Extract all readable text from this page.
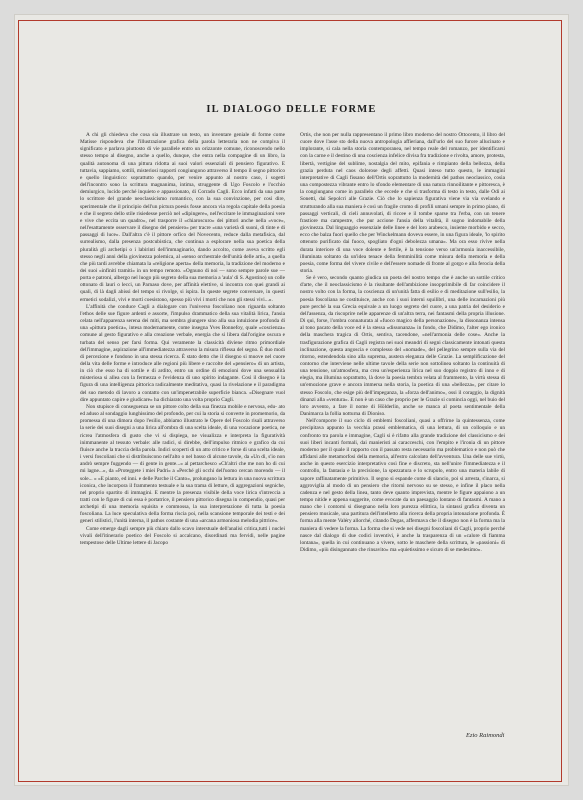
IL DIALOGO DELLE FORME

A chi gli chiedeva che cosa sia illustrare un testo, un inventare geniale di forme come Matisse rispondeva che l'illustrazione grafica della parola letteraria non ne compiva il significato e parlava piuttosto di vie parallele entro un orizzonte comune, riconoscendo nello stesso tempo al disegno, anche a quello, dunque, che entra nella compagine di un libro, la qualità autonoma di una pittura ridotta ai suoi valori essenziali di pensiero figurativo. E tuttavia, sappiamo, sottili, misteriosi rapporti congiungono attraverso il tempo il segno pittorico e quello linguistico: soprattutto quando, per venire appunto al nostro caso, i sogetti dell'incontro sono la scrittura magnanima, intima, struggente di Ugo Foscolo e l'occhio demiurgico, lucido perché inquieto e appassionato, di Corrado Cagli. Ecco infatti da una parte lo scrittore del grande neoclassicismo romantico, con la sua convinzione, per così dire, sperimentale che il principio dell'un pictura poesis fosse ancora via regola capitale della poesia e che il segreto dello stile risiedesse perciò nel «dipingere», nell'eccitare le immaginazioni vere e vive che eccita un quadro», nel trasporre il «chiaroscuro» dei pittori anche nella «voce», nell'esattamente osservare il disegno del pensiero» per tracre «una varietà di suoni, di tinte e di passaggi di luce». Dall'altra c'è il pittore orfico del Novecento, reduce dalla metafisica, dal surrealismo, dalla presenza postcubistica, che continua a esplorare nella sua poetica della pluralità gli archetipi o i labirinti dell'immaginario, dando accolto, come aveva scritto egli stesso negli anni della giovinezza polemica, al «senso orchestrale dell'unità delle arti», a quella che più tardi avrebbe chiamata la «religione aperta» della memoria, la tradizione del moderno e dei suoi «infiniti tramiti» in un tempo remoto. «Ognuno di noi — sono sempre parole sue — porta e patroni, albergo nel luogo più segreto della sua memoria a 'aula' di S. Agostino) un colle ottonato di lauri o lecci, un Parnaso dove, per affinità elettive, si incontra con quei grandi ai quali, di là dagli abissi del tempo si rivolge, si ispira. In queste segrete conversare, in questi ermetici sodalizi, vivi e morti coesistono, spesso più vivi i morti che non gli stessi vivi...».

L'affinità che conduce Cagli a dialogare con l'universo foscoliano non riguarda soltanto l'ethos delle sue figure ardenti e assorte, l'impulso drammatico della sua vitalità lirica, l'ansia celata nell'apparenza serena dei miti, ma sembra giungere sino alla sua intuizione profonda di una «pittura poetica», intesa modernamente, come insegna Yves Bonnefoy, quale «coscienza» comune al gesto figurativo e alla creazione verbale, energia che si libera dall'origine oscura e turbata del senso per farsi forma. Qui veramente la classicità diviene ritmo primordiale dell'immagine, aspirazione all'immediatezza attraverso la misura riflessa del segno. È duo modi di percezione e fondono in una stessa ricerca. È stato detto che il disegno si muove nel cuore della vita delle forme e introduce alle regioni più libere e raccolte del «pensiero» di un artista, in ciò che esso ha di sottile e di ardito, entro un ordine di emozioni dove una sensualità misteriosa si allea con la fermezza e l'evidenza di uno spirito indagante. Così il disegno è la figura di una intelligenza pittorica radicalmente meditativa, quasi la rivelazione e il paradigma del suo metodo di lavoro a contatto con un'impenetrabile superficie bianca. «Disegnare vuol dire appuntato capire e giudicare» ha dichiarato una volta proprio Cagli.

Non stupisce di conseguenza se un pittore colto della sua finezza mobile e nervosa, edu- ato ed aduso al sondaggio lunghissimo del profondo, per cui la storia si converte in promemorio, da promessa di una dimora dopo l'esilio, abbiamo illustrato le Opere del Foscolo risalì attraverso la serie dei suoi disegni a una lirica all'ombra di una scelta ideale, di una vocazione poetica, ne ricrea l'atmosfera di gusto che vi si dispiega, ne visualizza e interpreta la figuratività inimmanente al tessuto verbale: alle radici, si direbbe, dell'impulso ritmico e grafico da cui fluisce anche la traccia della parola. Indici scoperti di un atto critico e forse di una scelta ideale, i versi foscoliani che si distribuiscono nell'alto o nel basso di alcune tavole, da «Un dì, s'io non andrò sempre fuggendo — di gente in gente...» al pettarchesco «Ch'altri che me non ho di cui mi lagne...», da «Proteggete i miei Padri» a «Perché gli occhi dell'uomo cercan morendo — il sole... » «E pianto, ed inni. e delle Parche il Canto», prolungano la lettura in una nuova scrittura iconica, che incorpora il frammento testuale e la sua trama di letture, di aggregazioni segniche, nel proprio spartito di immagini. E mentre la presenza visibile della voce lirica s'intreccia a tratti con le figure di cui essa è portatrice, il pensiero pittorico disegna in compendio, quasi per archetipi di una memoria squisita e commossa, la sua interpretazione di tutta la poesia foscoliana. La luce speculativa della forma riscia poi, nella scansione temporale dei testi e dei generi stilistici, l'unità interna, il pathos costante di una «arcana armoniosa melodia pittrice».

Come emerge dagli sempre più chiaro dallo scavo interstuale dell'analisi critica,tutti i nuclei vivali dell'itinerario poetico del Foscolo si accalcano, disordinati ma fervidi, nelle pagine tempestose delle Ultime lettere di Jacopo

Ortis, che non per nulla rappresentano il primo libro moderno del nostro Ottocento, il libro del cuore dove l'asse sto della nuova antropologia affieriana, dall'urlo del suo furore allucinato e implorante, si cala nella storia contemporanea, nel tempo reale del romanzo, per identificarsi con la carne e il destino di una coscienza infelice divisa fra tradizione e rivolta, amore, protesta, libertà, vertigine del sublime, nostalgia del mito, epifania e rimpianto della bellezza, della grazia perduta nel caos dolorose degli affetti. Quasi inteso tutto questo, le immagini interpretative di Cagli fissano dell'Ortis soprattutto la modernità del pathos neoclassico, cosìa una compostezza vibrante entro lo sfondo elementare di una natura rinnoilitante e pittoresca, è la congiungano come in parallelo che eccede e che si trasforma di testo in testo, dalle Odi ai Sonetti, dai Sepolcri alle Grazie. Ciò che lo sapienza figurativa viene via via svelando e strutturando alla sua maniera è così un fragile cromo di profili umani sempre in primo piano, di passaggi verticali, di cieli annuvolati, di riccee e il tombe sparse tra l'erba, con un tenere frastiore ma campestre, che pur accione l'ansia della vitalità, il sogno indomabile della giovinezza. Dal linguaggio essenziale delle linee e del loro arabesco, insieme morbido e secco, ecco che balza fuori quello che per Winckelmann doveva essere, in una figura ideale, 'lo spirito ottenuto purificato dai fuoco, spogliato d'ogni debolezza umana». Ma ora esso rivive nella durata interiore di una voce dolente e fertile, è la tensione verso un'armonia inaccessibile, illuminata soltanto da un'idea tenace della femminilità come misura della memoria e della poesia, come forma del vivere civile e dell'essere nomade di fronte al gorgo e alla ferocia della storia.

Se è vero, secondo quanto giudica un poeta del nostro tempo che è anche un sottile critico d'arte, che il neoclassicismo è la risultante dell'ambizione insopprimibile di far coincidere il nostro volto con la forma, la coscienza di un'unità fatta di esilio e di meditazione sull'esilio, la poesia foscoliana ne costituisce, anche con i suoi interni squilibri, una delle incarnazioni più pure perché la sua Grecia equivale a un luogo segreto del cuore, a una patria del desiderio e dell'assenza, da riscoprire nelle apparenze di un'altra terra, nei fantasmi della propria illusione. Di qui, forse, l'ombra connaturata al «fuoco magico della personazione», la dissonanza intensa al tono pacato della voce ed è la stessa «dissonanza» in fondo, che Didimo, l'alter ego ironico della maschera tragica di Ortis, sentiva, tacendone, «nell'armonia delle cose». Anche la trasfigurazione grafica di Cagli registra nei suoi meandri di segni classicamente intonati questa inclinazione, questa angoscia e complesso del «nomade», del pellegrino sempre sulla via del ritorno, estendendola sino alla suprema, austera eleganza delle Grazie. La semplificazione del contorno che interviene nelle ultime tavole della serie non sottolinea soltanto la continuità di una tensione, un'atmosfera, ma crea un'esperienza lirica nel suo doppio registro di inno e di elegia, ma illumina soprattutto, là dove la poesia tembra velata al frammento, la virtù stessa di un'emozione grave e ancora immersa nella storia, la poetica di una «bellezza», per citare lo stesso Foscolo, che esige più dell'impeganza, la «forza dell'animo», ossi il coraggio, la dignità dinanzi alla «ventura». E non è un caso che proprio per le Grazie si comincia oggi, nel buio del loro avvento, a fare il nome di Hölderlin, anche se manca al poeta sentimentale della Danimarca la follia notturna di Dioniso.

Nell'comporre il suo ciclo di emblemi foscoliani, quasi a offrirne la quintessenza, come precipitava appunto la vecchia prassi emblematica, di una lettura, di un colloquio e un confronto tra parola e immagine, Cagli si è rifatto alla grande tradizione del classicismo e dei suoi liberi incanti formali, dai manieristi ai caracceschi, con l'empito e l'ironia di un pittore moderno per il quale il rapporto con il passato resta necessario ma problematico e non può che affidarsi alle metamorfosi della memoria, all'estro calcolato dell'avventura. Una delle sue virtù, anche in questo esercizio interpretativo così fine e discreto, sta nell'unire l'immediatezza e il controllo, la fantasia e la precisione, la spezzatura e lo scrupolo, entro una materia labile di sapore raffinatamente primitivo. Il segno si espande come di slancio, poi si arresta, s'inarca, si aggroviglia al modo di un pensiero che ritorni nervoso su se stesso, e infine il placo nella cadenza e nel gesto della linea, tanto deve quanto imprevista, mentre le figure appaiono a un tempo nitide e appena suggerite, come evocate da un paesaggio lontano di fantasmi. A mano a mano che i contorni si disegnano nella loro purezza ellittica, la sintassi grafica diventa un pensiero musicale, una partitura dell'intelletto alla ricerca della propria intonazione profonda. È forma alla mente Valéry allorché, citando Degas, affermava che il disegno non è la forma ma la maniera di vedere la forma. La forma che si vede nei disegni foscoliani di Cagli, proprio perché nasce dal dialogo di due codici inventivi, è anche la trasparenza di un «calore di fiamma lontana», quella in cui continuano a vivere, sotto le maschere della scrittura, le «passioni» di Didimo, «più disingannato che rinsavito» ma «quietissimo e sicuro di se medesimo».

Ezio Raimondi
